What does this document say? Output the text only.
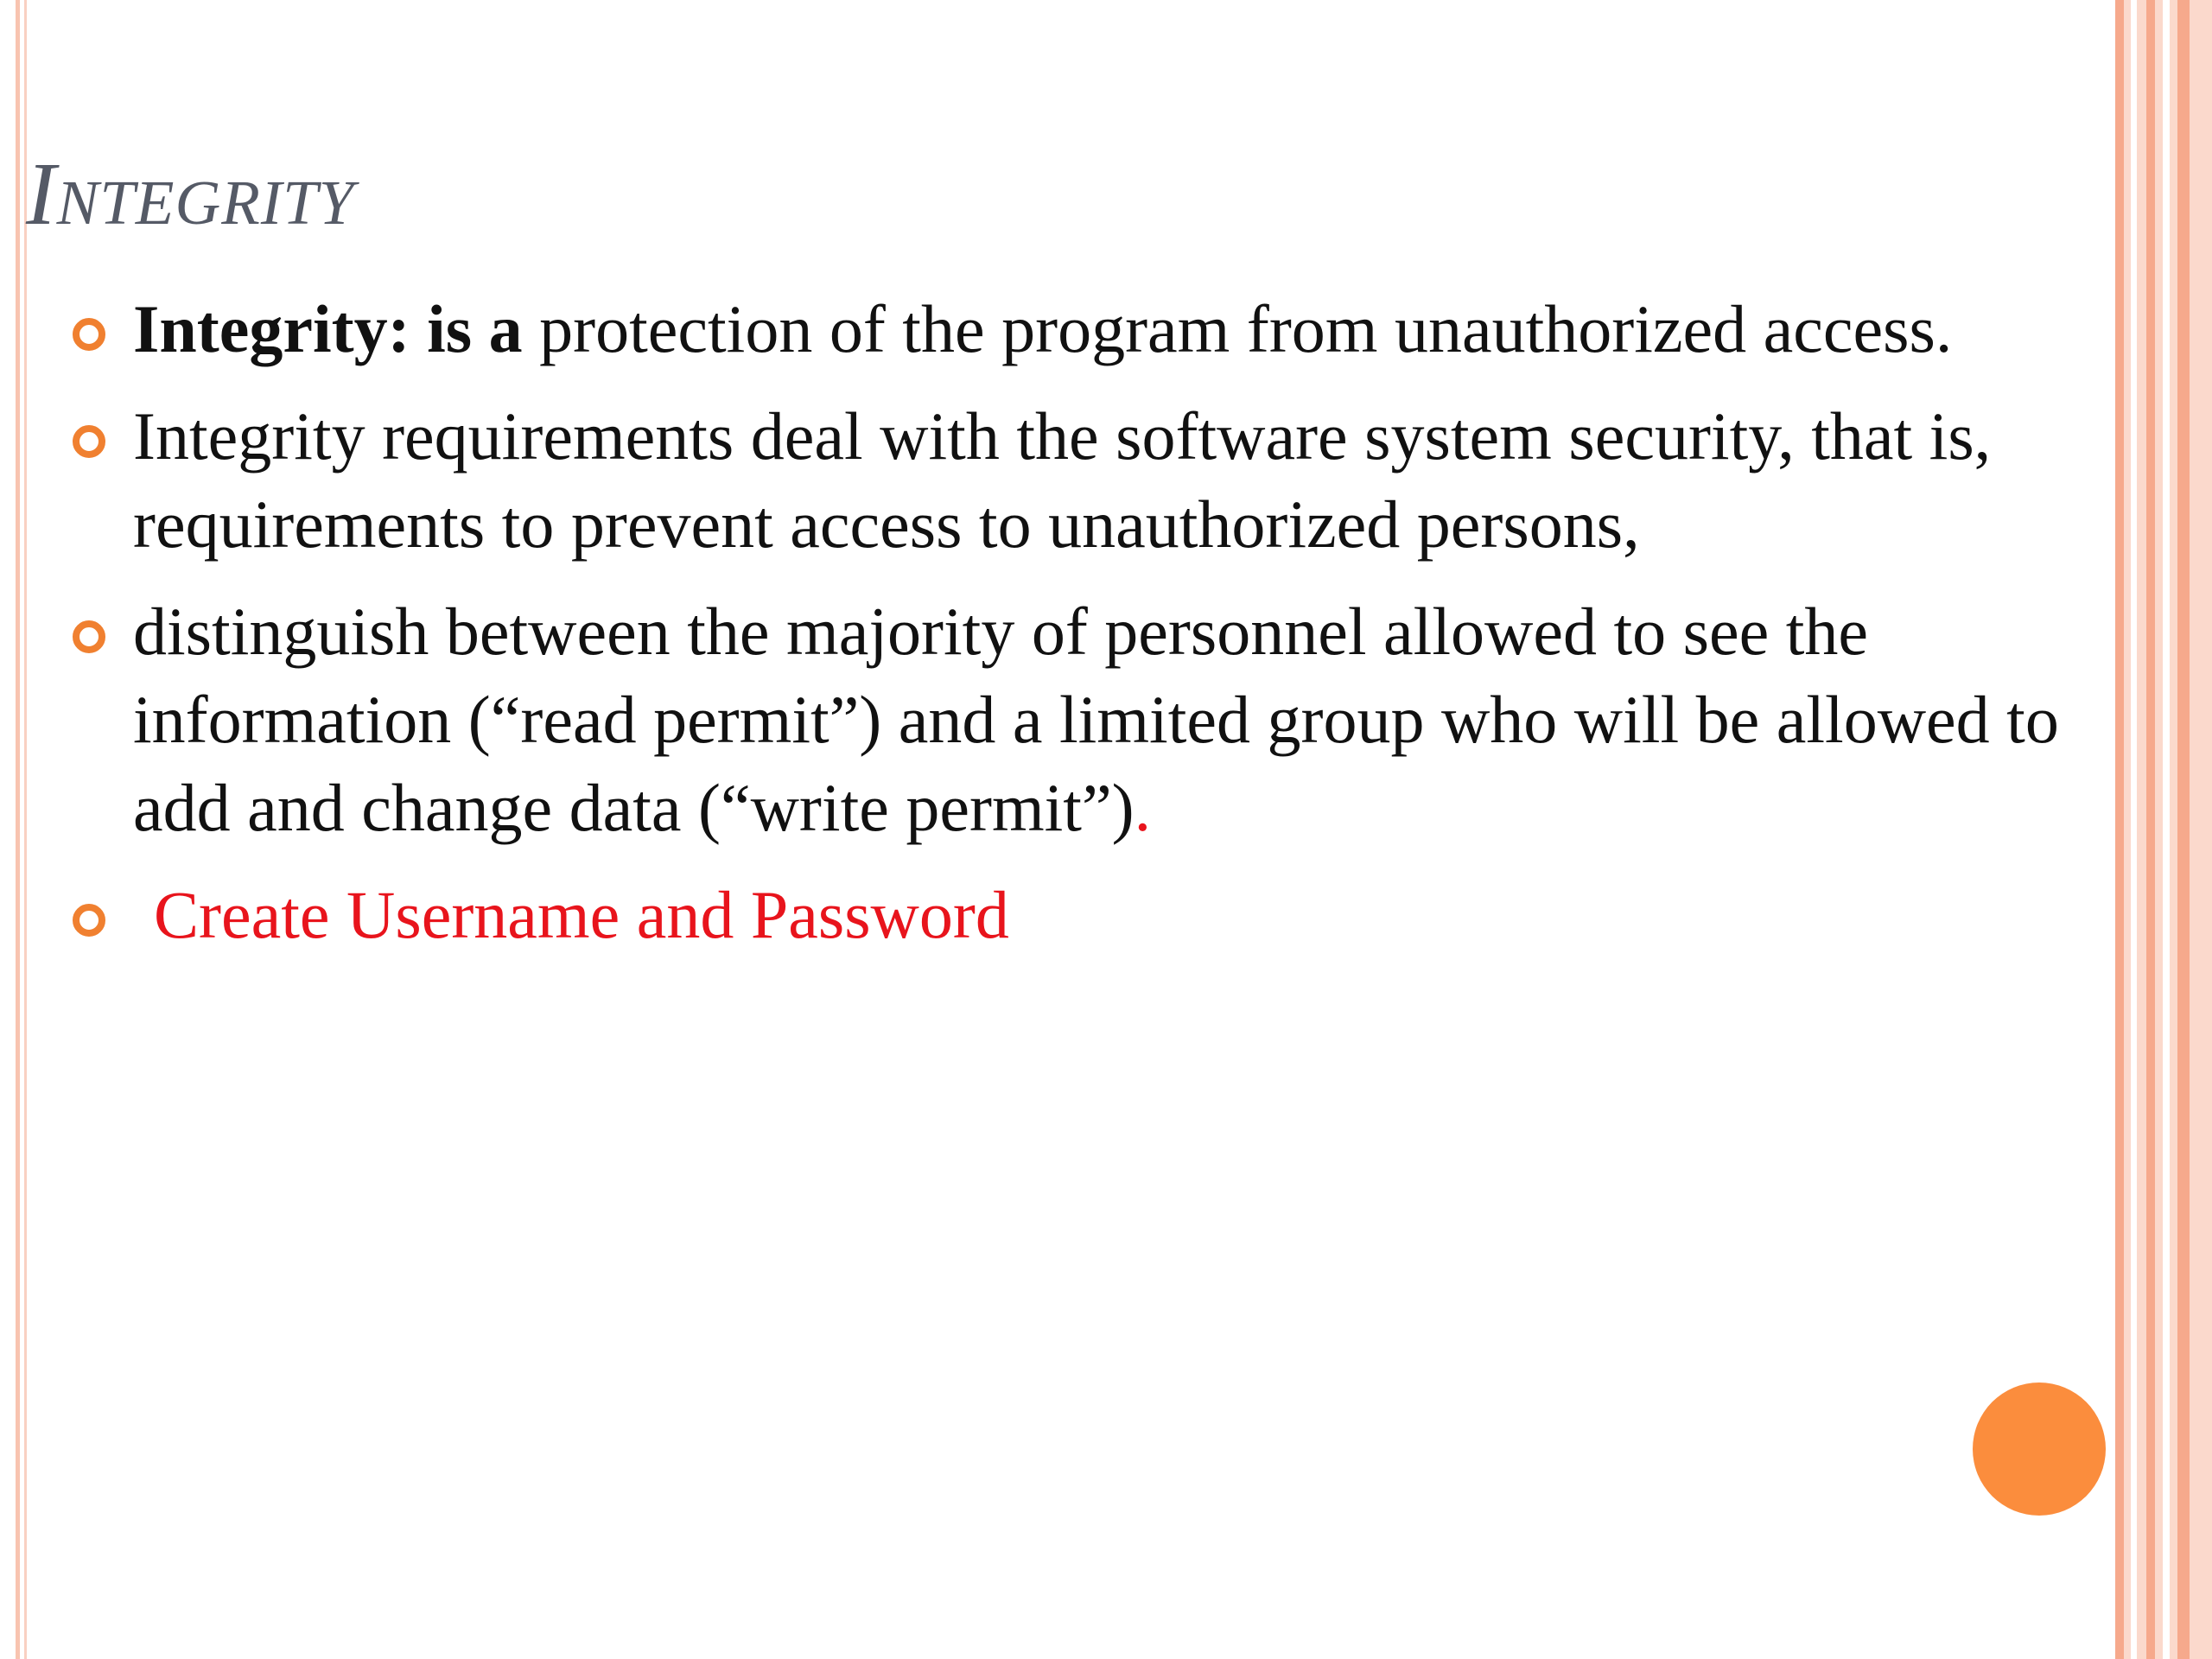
Integrity
Integrity: is a protection of the program from unauthorized access.
Integrity requirements deal with the software system security, that is, requirements to prevent access to unauthorized persons,
distinguish between the majority of personnel allowed to see the information (“read permit”) and a limited group who will be allowed to add and change data (“write permit”).
Create Username and Password
